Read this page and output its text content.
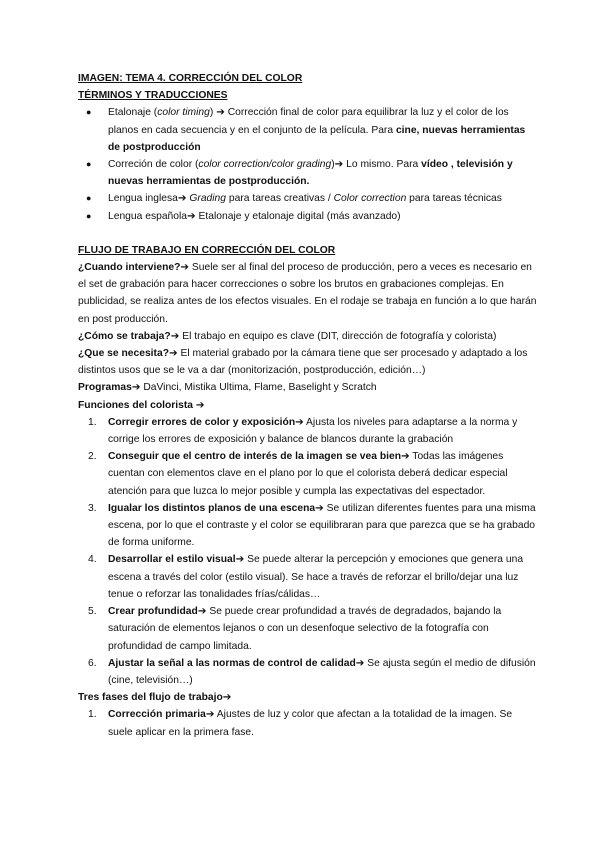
IMAGEN: TEMA 4. CORRECCIÓN DEL COLOR
TÉRMINOS Y TRADUCCIONES
● Etalonaje (color timing) ➔ Corrección final de color para equilibrar la luz y el color de los planos en cada secuencia y en el conjunto de la película. Para cine, nuevas herramientas de postproducción
● Correción de color (color correction/color grading)➔ Lo mismo. Para vídeo , televisión y nuevas herramientas de postproducción.
● Lengua inglesa➔ Grading para tareas creativas / Color correction para tareas técnicas
● Lengua española➔ Etalonaje y etalonaje digital (más avanzado)
FLUJO DE TRABAJO EN CORRECCIÓN DEL COLOR
¿Cuando interviene?➔ Suele ser al final del proceso de producción, pero a veces es necesario en el set de grabación para hacer correcciones o sobre los brutos en grabaciones complejas. En publicidad, se realiza antes de los efectos visuales. En el rodaje se trabaja en función a lo que harán en post producción.
¿Cómo se trabaja?➔ El trabajo en equipo es clave (DIT, dirección de fotografía y colorista)
¿Que se necesita?➔ El material grabado por la cámara tiene que ser procesado y adaptado a los distintos usos que se le va a dar (monitorización, postproducción, edición…)
Programas➔ DaVinci, Mistika Ultima, Flame, Baselight y Scratch
Funciones del colorista ➔
1. Corregir errores de color y exposición➔ Ajusta los niveles para adaptarse a la norma y corrige los errores de exposición y balance de blancos durante la grabación
2. Conseguir que el centro de interés de la imagen se vea bien➔ Todas las imágenes cuentan con elementos clave en el plano por lo que el colorista deberá dedicar especial atención para que luzca lo mejor posible y cumpla las expectativas del espectador.
3. Igualar los distintos planos de una escena➔ Se utilizan diferentes fuentes para una misma escena, por lo que el contraste y el color se equilibraran para que parezca que se ha grabado de forma uniforme.
4. Desarrollar el estilo visual➔ Se puede alterar la percepción y emociones que genera una escena a través del color (estilo visual). Se hace a través de reforzar el brillo/dejar una luz tenue o reforzar las tonalidades frías/cálidas…
5. Crear profundidad➔ Se puede crear profundidad a través de degradados, bajando la saturación de elementos lejanos o con un desenfoque selectivo de la fotografía con profundidad de campo limitada.
6. Ajustar la señal a las normas de control de calidad➔ Se ajusta según el medio de difusión (cine, televisión…)
Tres fases del flujo de trabajo➔
1. Corrección primaria➔ Ajustes de luz y color que afectan a la totalidad de la imagen. Se suele aplicar en la primera fase.
